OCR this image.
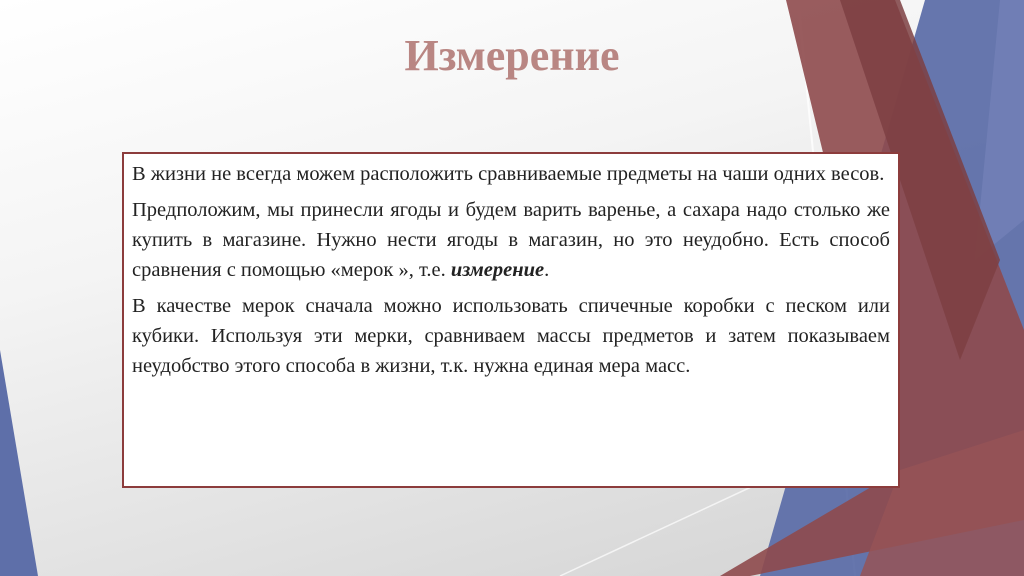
Измерение

В жизни не всегда можем расположить сравниваемые предметы на чаши одних весов.

Предположим, мы принесли ягоды и будем варить варенье, а сахара надо столько же купить в магазине. Нужно нести ягоды в магазин, но это неудобно. Есть способ сравнения с помощью «мерок », т.е. измерение.

В качестве мерок сначала можно использовать спичечные коробки с песком или кубики. Используя эти мерки, сравниваем массы предметов и затем показываем неудобство этого способа в жизни, т.к. нужна единая мера масс.
